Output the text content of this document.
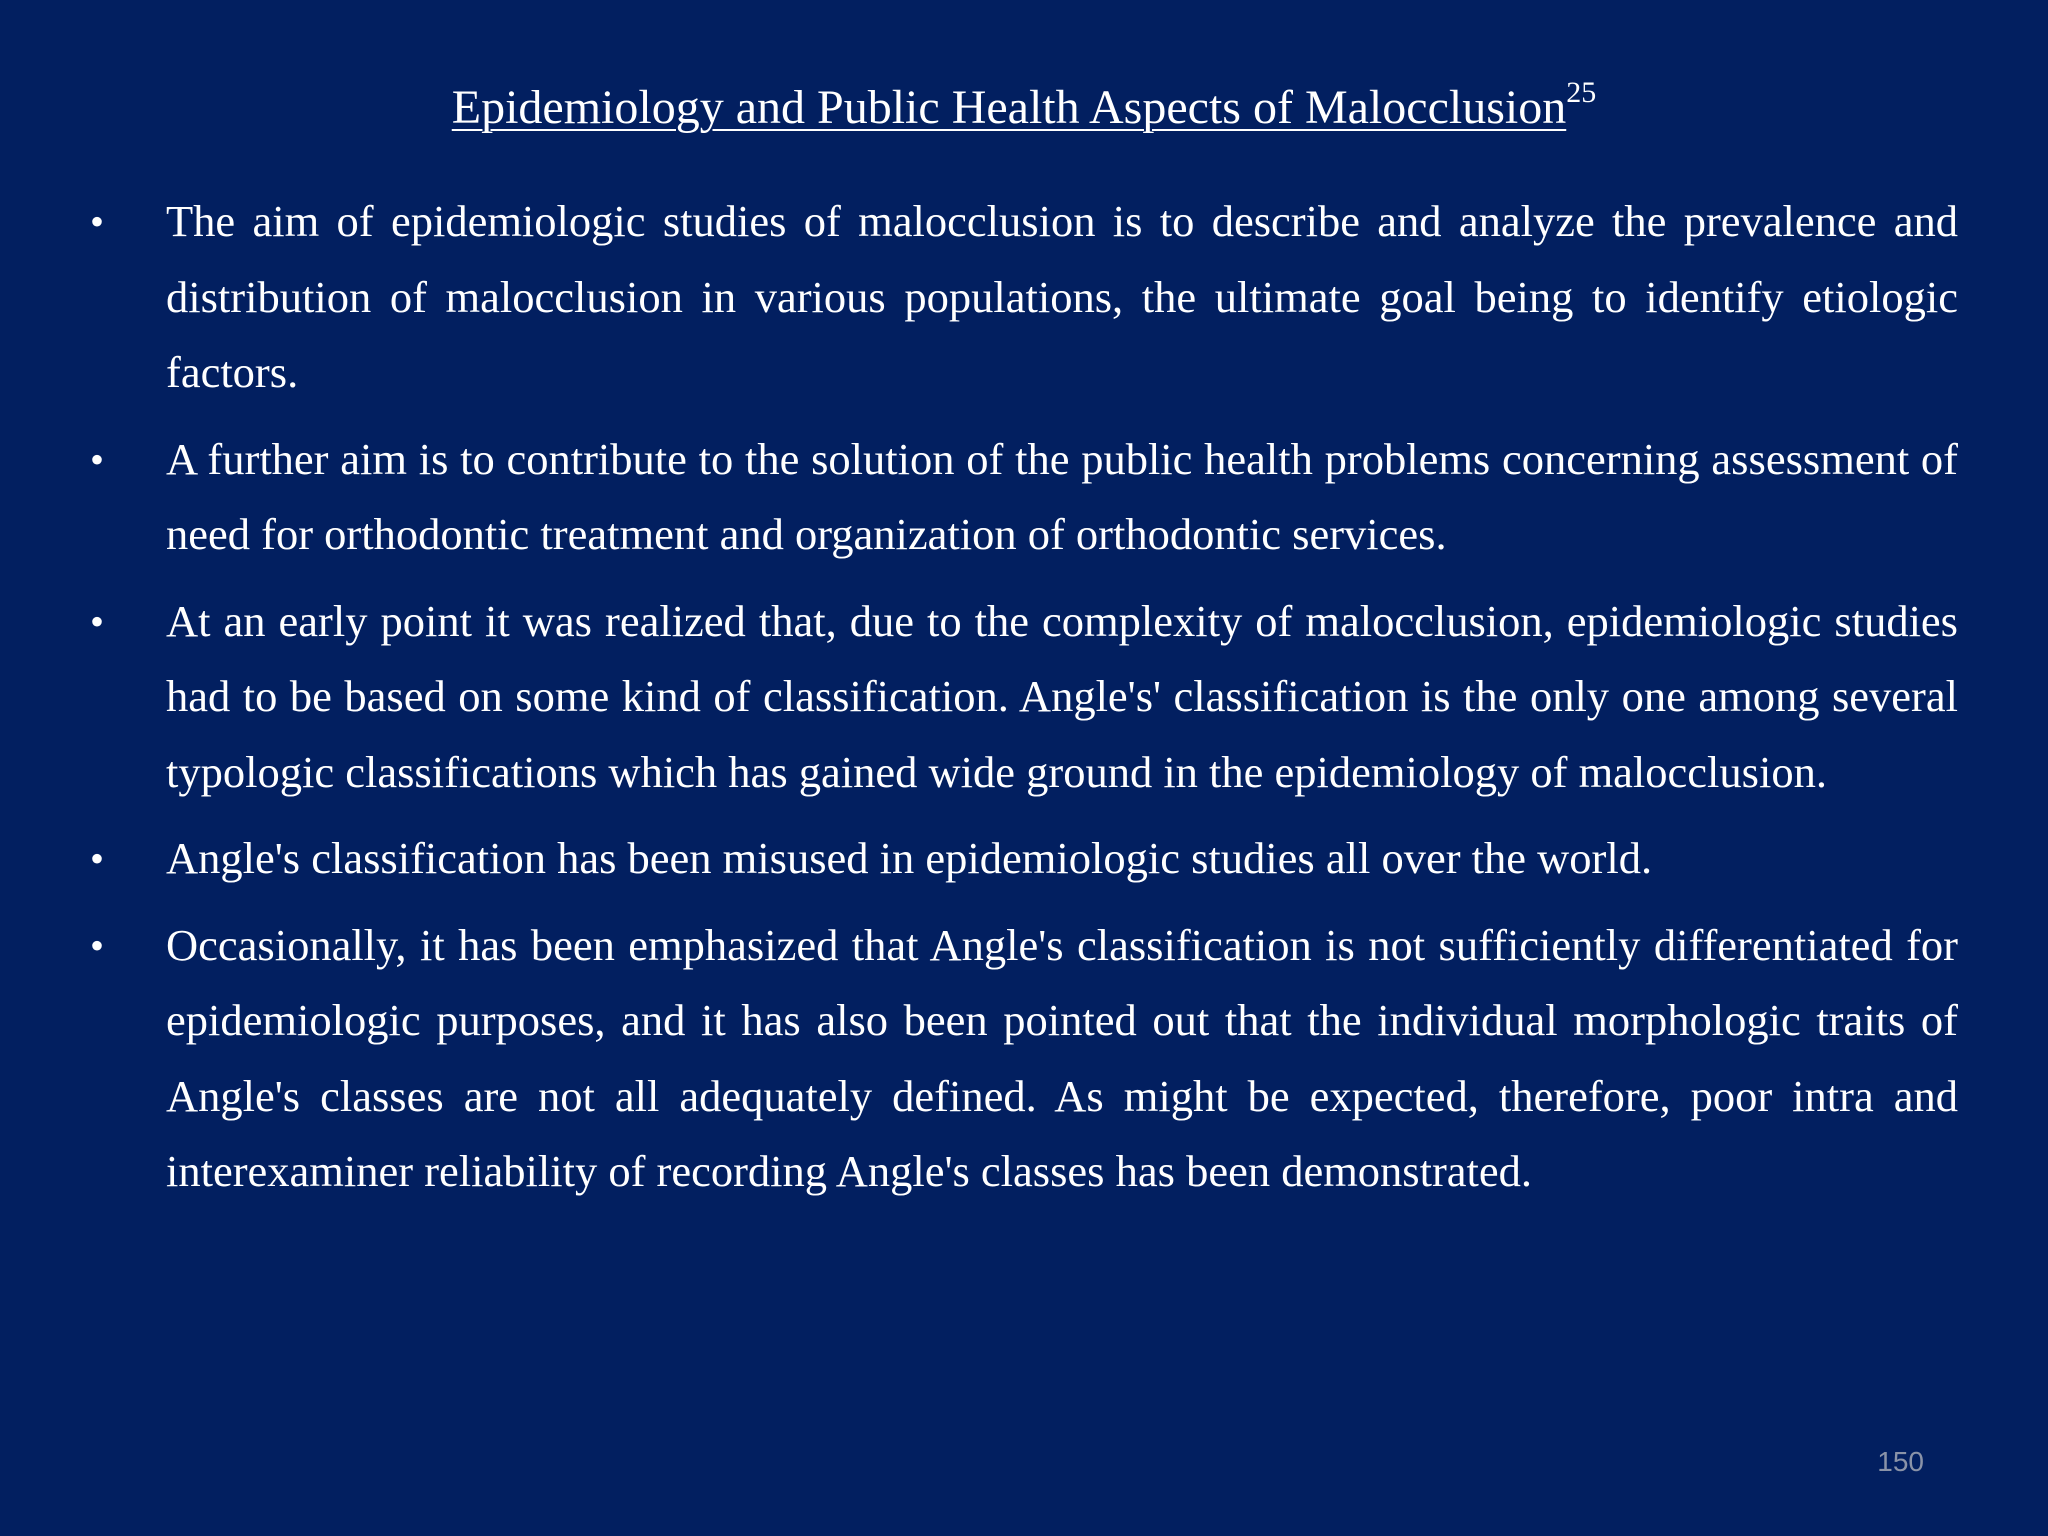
Epidemiology and Public Health Aspects of Malocclusion$^{25}$
• The aim of epidemiologic studies of malocclusion is to describe and analyze the prevalence and distribution of malocclusion in various populations, the ultimate goal being to identify etiologic factors.
• A further aim is to contribute to the solution of the public health problems concerning assessment of need for orthodontic treatment and organization of orthodontic services.
• At an early point it was realized that, due to the complexity of malocclusion, epidemiologic studies had to be based on some kind of classification. Angle's' classification is the only one among several typologic classifications which has gained wide ground in the epidemiology of malocclusion.
• Angle's classification has been misused in epidemiologic studies all over the world.
• Occasionally, it has been emphasized that Angle's classification is not sufficiently differentiated for epidemiologic purposes, and it has also been pointed out that the individual morphologic traits of Angle's classes are not all adequately defined. As might be expected, therefore, poor intra and interexaminer reliability of recording Angle's classes has been demonstrated.
150
